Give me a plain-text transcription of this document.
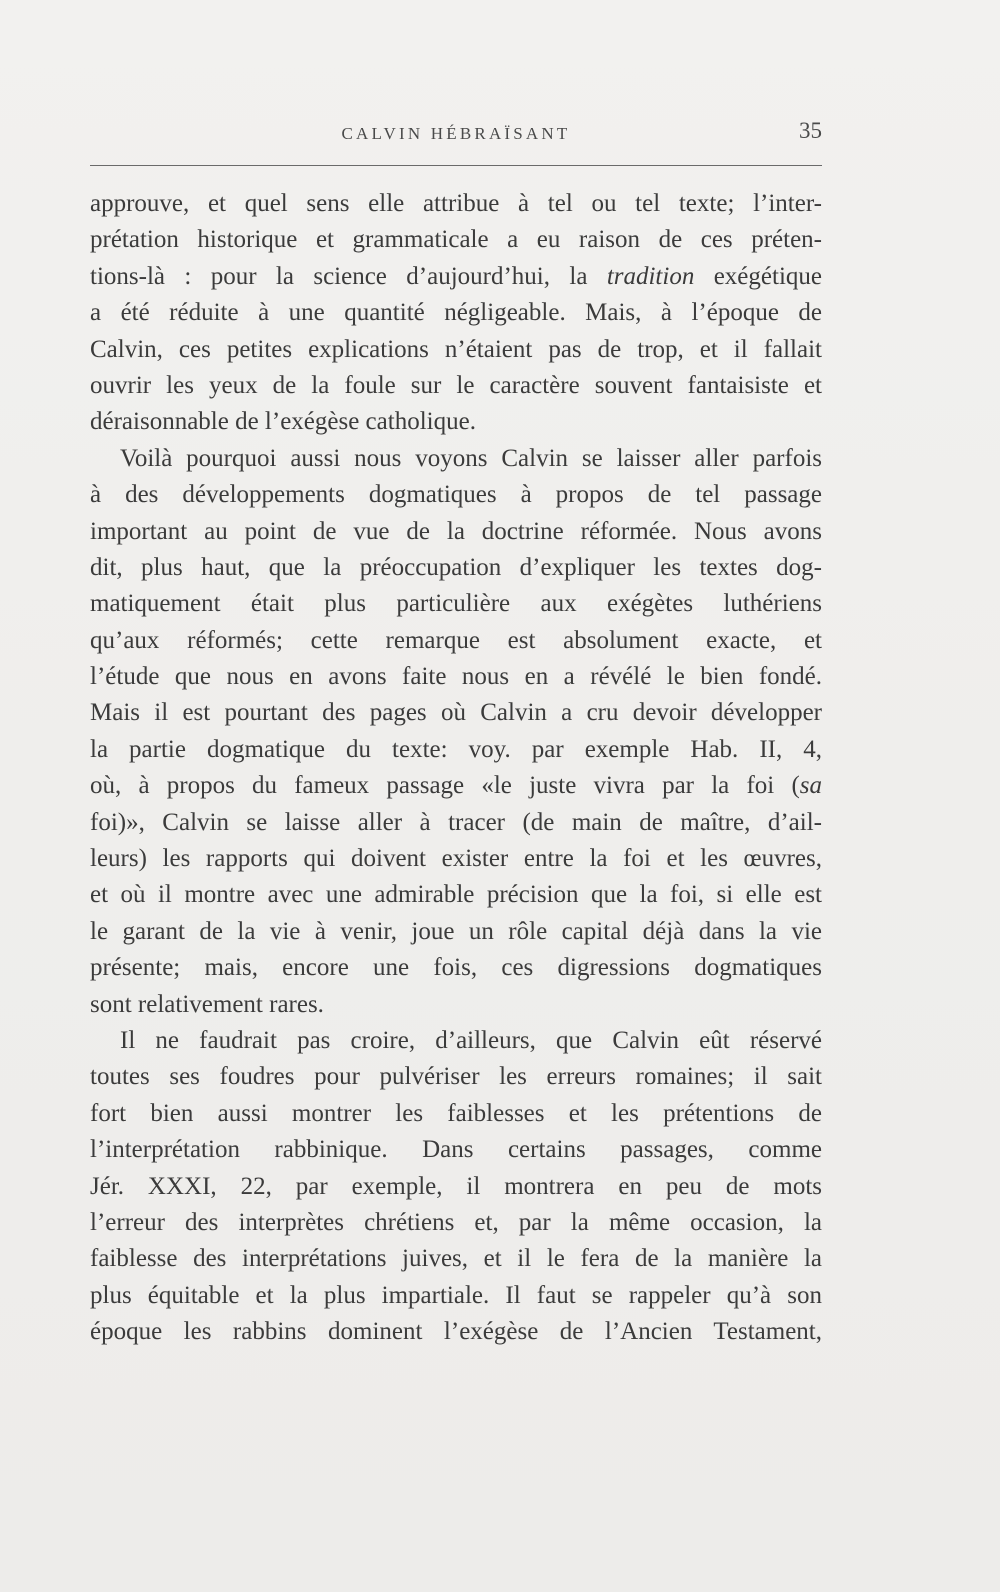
CALVIN HÉBRAÏSANT	35
approuve, et quel sens elle attribue à tel ou tel texte; l’inter-
prétation historique et grammaticale a eu raison de ces préten-
tions-là : pour la science d’aujourd’hui, la tradition exégétique
a été réduite à une quantité négligeable. Mais, à l’époque de
Calvin, ces petites explications n’étaient pas de trop, et il fallait
ouvrir les yeux de la foule sur le caractère souvent fantaisiste et
déraisonnable de l’exégèse catholique.
Voilà pourquoi aussi nous voyons Calvin se laisser aller parfois
à des développements dogmatiques à propos de tel passage
important au point de vue de la doctrine réformée. Nous avons
dit, plus haut, que la préoccupation d’expliquer les textes dog-
matiquement était plus particulière aux exégètes luthériens
qu’aux réformés; cette remarque est absolument exacte, et
l’étude que nous en avons faite nous en a révélé le bien fondé.
Mais il est pourtant des pages où Calvin a cru devoir développer
la partie dogmatique du texte: voy. par exemple Hab. II, 4,
où, à propos du fameux passage «le juste vivra par la foi (sa
foi)», Calvin se laisse aller à tracer (de main de maître, d’ail-
leurs) les rapports qui doivent exister entre la foi et les œuvres,
et où il montre avec une admirable précision que la foi, si elle est
le garant de la vie à venir, joue un rôle capital déjà dans la vie
présente; mais, encore une fois, ces digressions dogmatiques
sont relativement rares.
Il ne faudrait pas croire, d’ailleurs, que Calvin eût réservé
toutes ses foudres pour pulvériser les erreurs romaines; il sait
fort bien aussi montrer les faiblesses et les prétentions de
l’interprétation rabbinique. Dans certains passages, comme
Jér. XXXI, 22, par exemple, il montrera en peu de mots
l’erreur des interprètes chrétiens et, par la même occasion, la
faiblesse des interprétations juives, et il le fera de la manière la
plus équitable et la plus impartiale. Il faut se rappeler qu’à son
époque les rabbins dominent l’exégèse de l’Ancien Testament,
